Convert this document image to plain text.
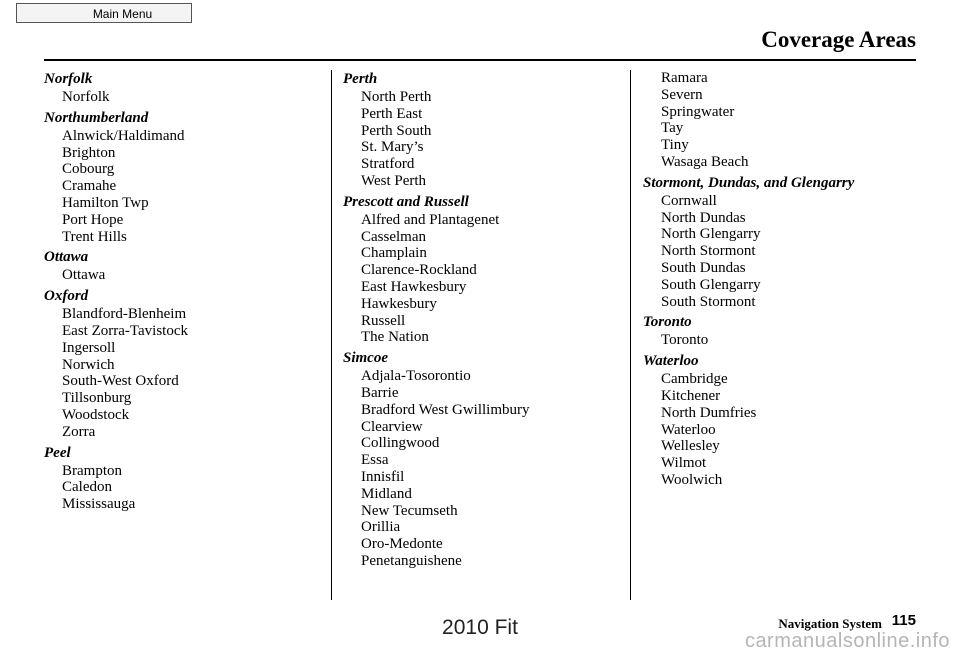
Main Menu
Coverage Areas
Norfolk
Norfolk
Northumberland
Alnwick/Haldimand
Brighton
Cobourg
Cramahe
Hamilton Twp
Port Hope
Trent Hills
Ottawa
Ottawa
Oxford
Blandford-Blenheim
East Zorra-Tavistock
Ingersoll
Norwich
South-West Oxford
Tillsonburg
Woodstock
Zorra
Peel
Brampton
Caledon
Mississauga
Perth
North Perth
Perth East
Perth South
St. Mary’s
Stratford
West Perth
Prescott and Russell
Alfred and Plantagenet
Casselman
Champlain
Clarence-Rockland
East Hawkesbury
Hawkesbury
Russell
The Nation
Simcoe
Adjala-Tosorontio
Barrie
Bradford West Gwillimbury
Clearview
Collingwood
Essa
Innisfil
Midland
New Tecumseth
Orillia
Oro-Medonte
Penetanguishene
Ramara
Severn
Springwater
Tay
Tiny
Wasaga Beach
Stormont, Dundas, and Glengarry
Cornwall
North Dundas
North Glengarry
North Stormont
South Dundas
South Glengarry
South Stormont
Toronto
Toronto
Waterloo
Cambridge
Kitchener
North Dumfries
Waterloo
Wellesley
Wilmot
Woolwich
Navigation System 115
2010 Fit
carmanualsonline.info
